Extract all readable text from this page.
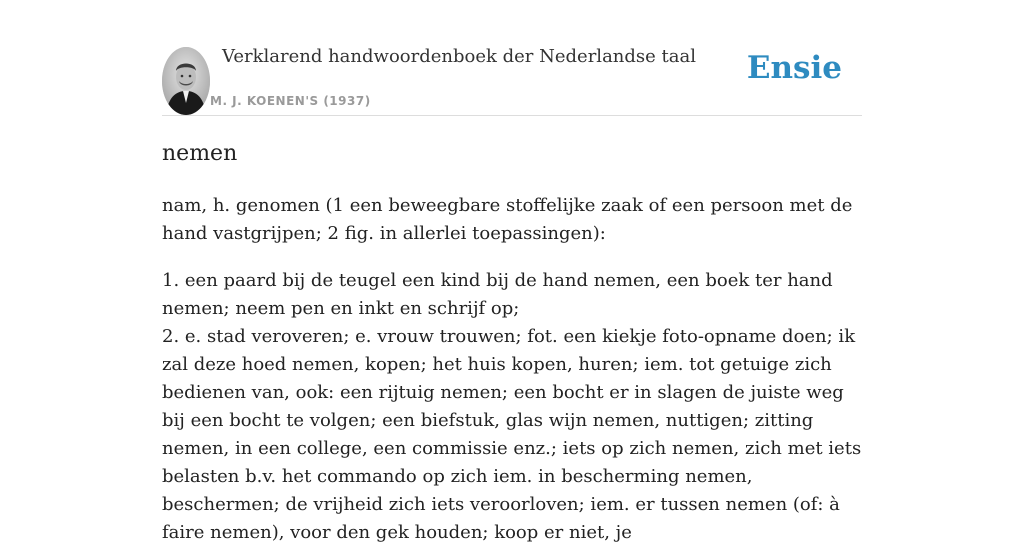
Verklarend handwoordenboek der Nederlandse taal
M. J. KOENEN'S (1937)
Ensie
nemen

nam, h. genomen (1 een beweegbare stoffelijke zaak of een persoon met de hand vastgrijpen; 2 fig. in allerlei toepassingen):

1. een paard bij de teugel een kind bij de hand nemen, een boek ter hand nemen; neem pen en inkt en schrijf op;

2. e. stad veroveren; e. vrouw trouwen; fot. een kiekje foto-opname doen; ik zal deze hoed nemen, kopen; het huis kopen, huren; iem. tot getuige zich bedienen van, ook: een rijtuig nemen; een bocht er in slagen de juiste weg bij een bocht te volgen; een biefstuk, glas wijn nemen, nuttigen; zitting nemen, in een college, een commissie enz.; iets op zich nemen, zich met iets belasten b.v. het commando op zich iem. in bescherming nemen, beschermen; de vrijheid zich iets veroorloven; iem. er tussen nemen (of: à faire nemen), voor den gek houden; koop er niet, je
